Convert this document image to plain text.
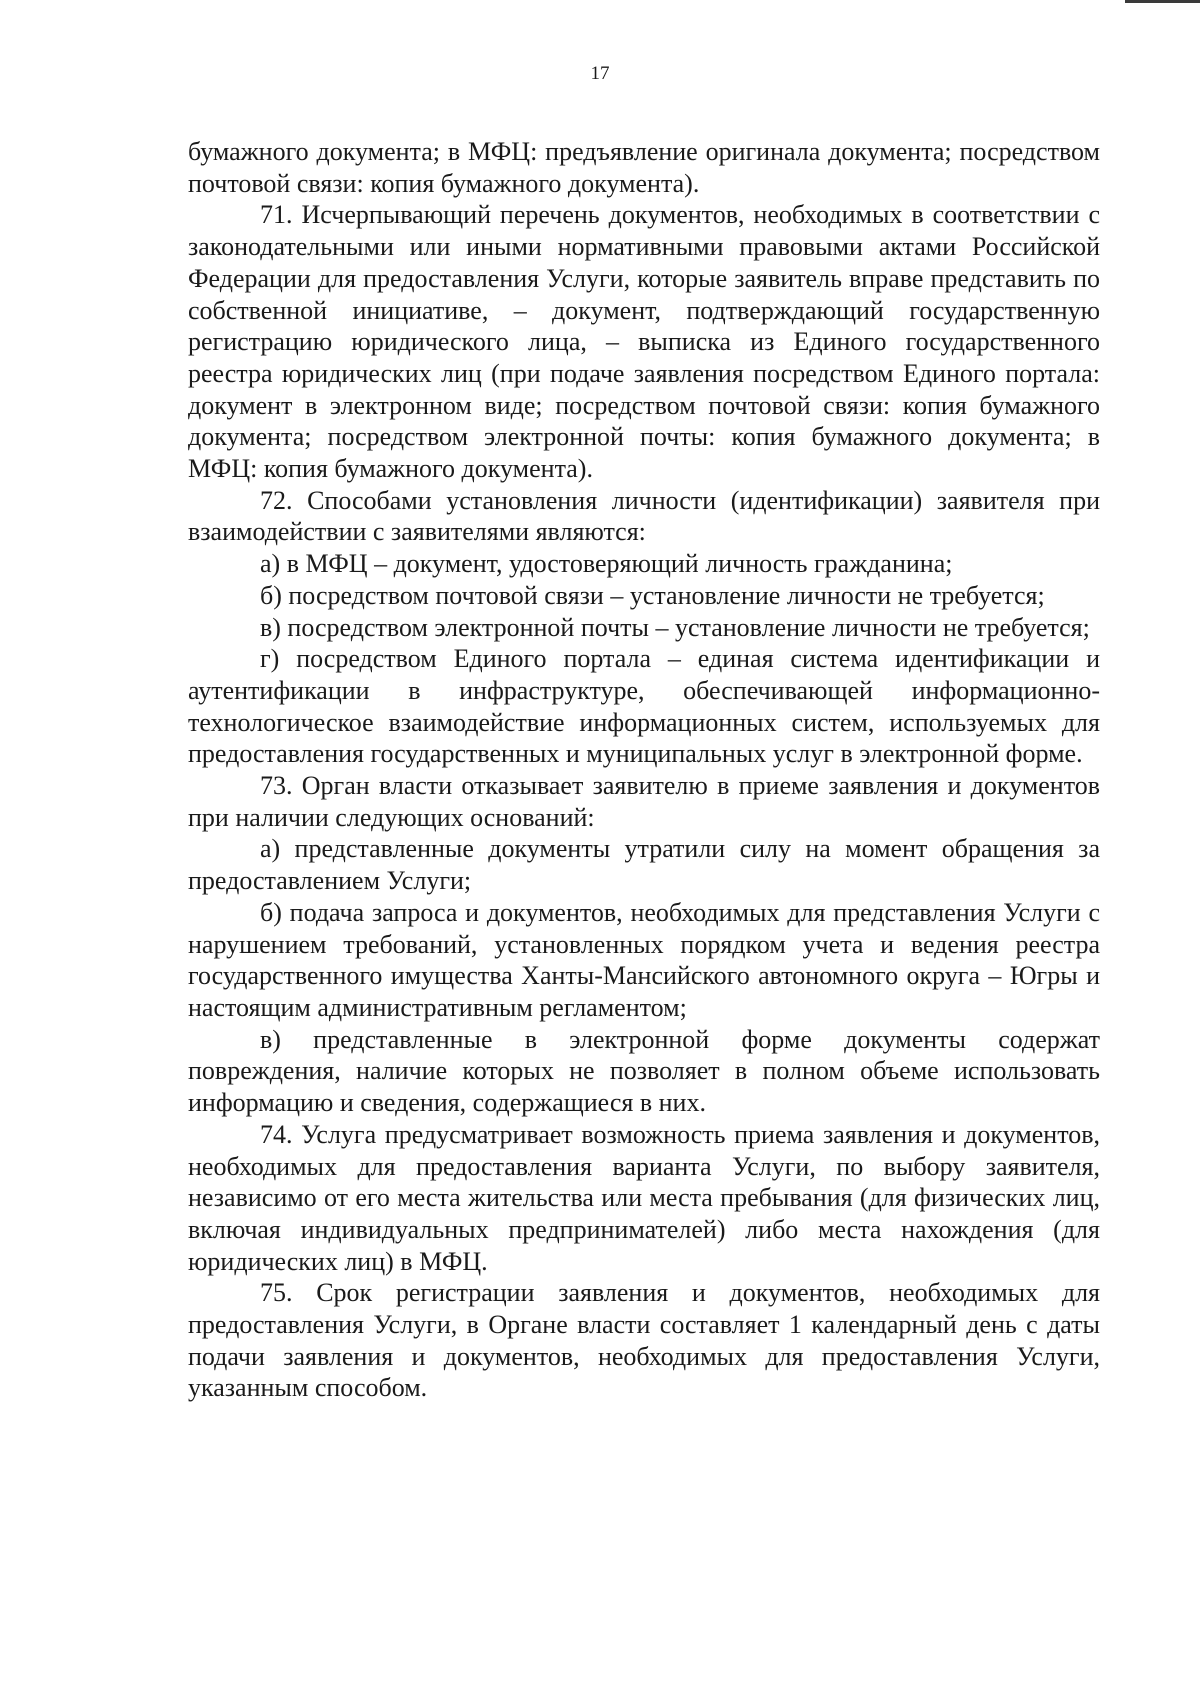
17

бумажного документа; в МФЦ: предъявление оригинала документа; посредством почтовой связи: копия бумажного документа).

71. Исчерпывающий перечень документов, необходимых в соответствии с законодательными или иными нормативными правовыми актами Российской Федерации для предоставления Услуги, которые заявитель вправе представить по собственной инициативе, – документ, подтверждающий государственную регистрацию юридического лица, – выписка из Единого государственного реестра юридических лиц (при подаче заявления посредством Единого портала: документ в электронном виде; посредством почтовой связи: копия бумажного документа; посредством электронной почты: копия бумажного документа; в МФЦ: копия бумажного документа).

72. Способами установления личности (идентификации) заявителя при взаимодействии с заявителями являются:

а) в МФЦ – документ, удостоверяющий личность гражданина;

б) посредством почтовой связи – установление личности не требуется;

в) посредством электронной почты – установление личности не требуется;

г) посредством Единого портала – единая система идентификации и аутентификации в инфраструктуре, обеспечивающей информационно-технологическое взаимодействие информационных систем, используемых для предоставления государственных и муниципальных услуг в электронной форме.

73. Орган власти отказывает заявителю в приеме заявления и документов при наличии следующих оснований:

а) представленные документы утратили силу на момент обращения за предоставлением Услуги;

б) подача запроса и документов, необходимых для представления Услуги с нарушением требований, установленных порядком учета и ведения реестра государственного имущества Ханты-Мансийского автономного округа – Югры и настоящим административным регламентом;

в) представленные в электронной форме документы содержат повреждения, наличие которых не позволяет в полном объеме использовать информацию и сведения, содержащиеся в них.

74. Услуга предусматривает возможность приема заявления и документов, необходимых для предоставления варианта Услуги, по выбору заявителя, независимо от его места жительства или места пребывания (для физических лиц, включая индивидуальных предпринимателей) либо места нахождения (для юридических лиц) в МФЦ.

75. Срок регистрации заявления и документов, необходимых для предоставления Услуги, в Органе власти составляет 1 календарный день с даты подачи заявления и документов, необходимых для предоставления Услуги, указанным способом.
